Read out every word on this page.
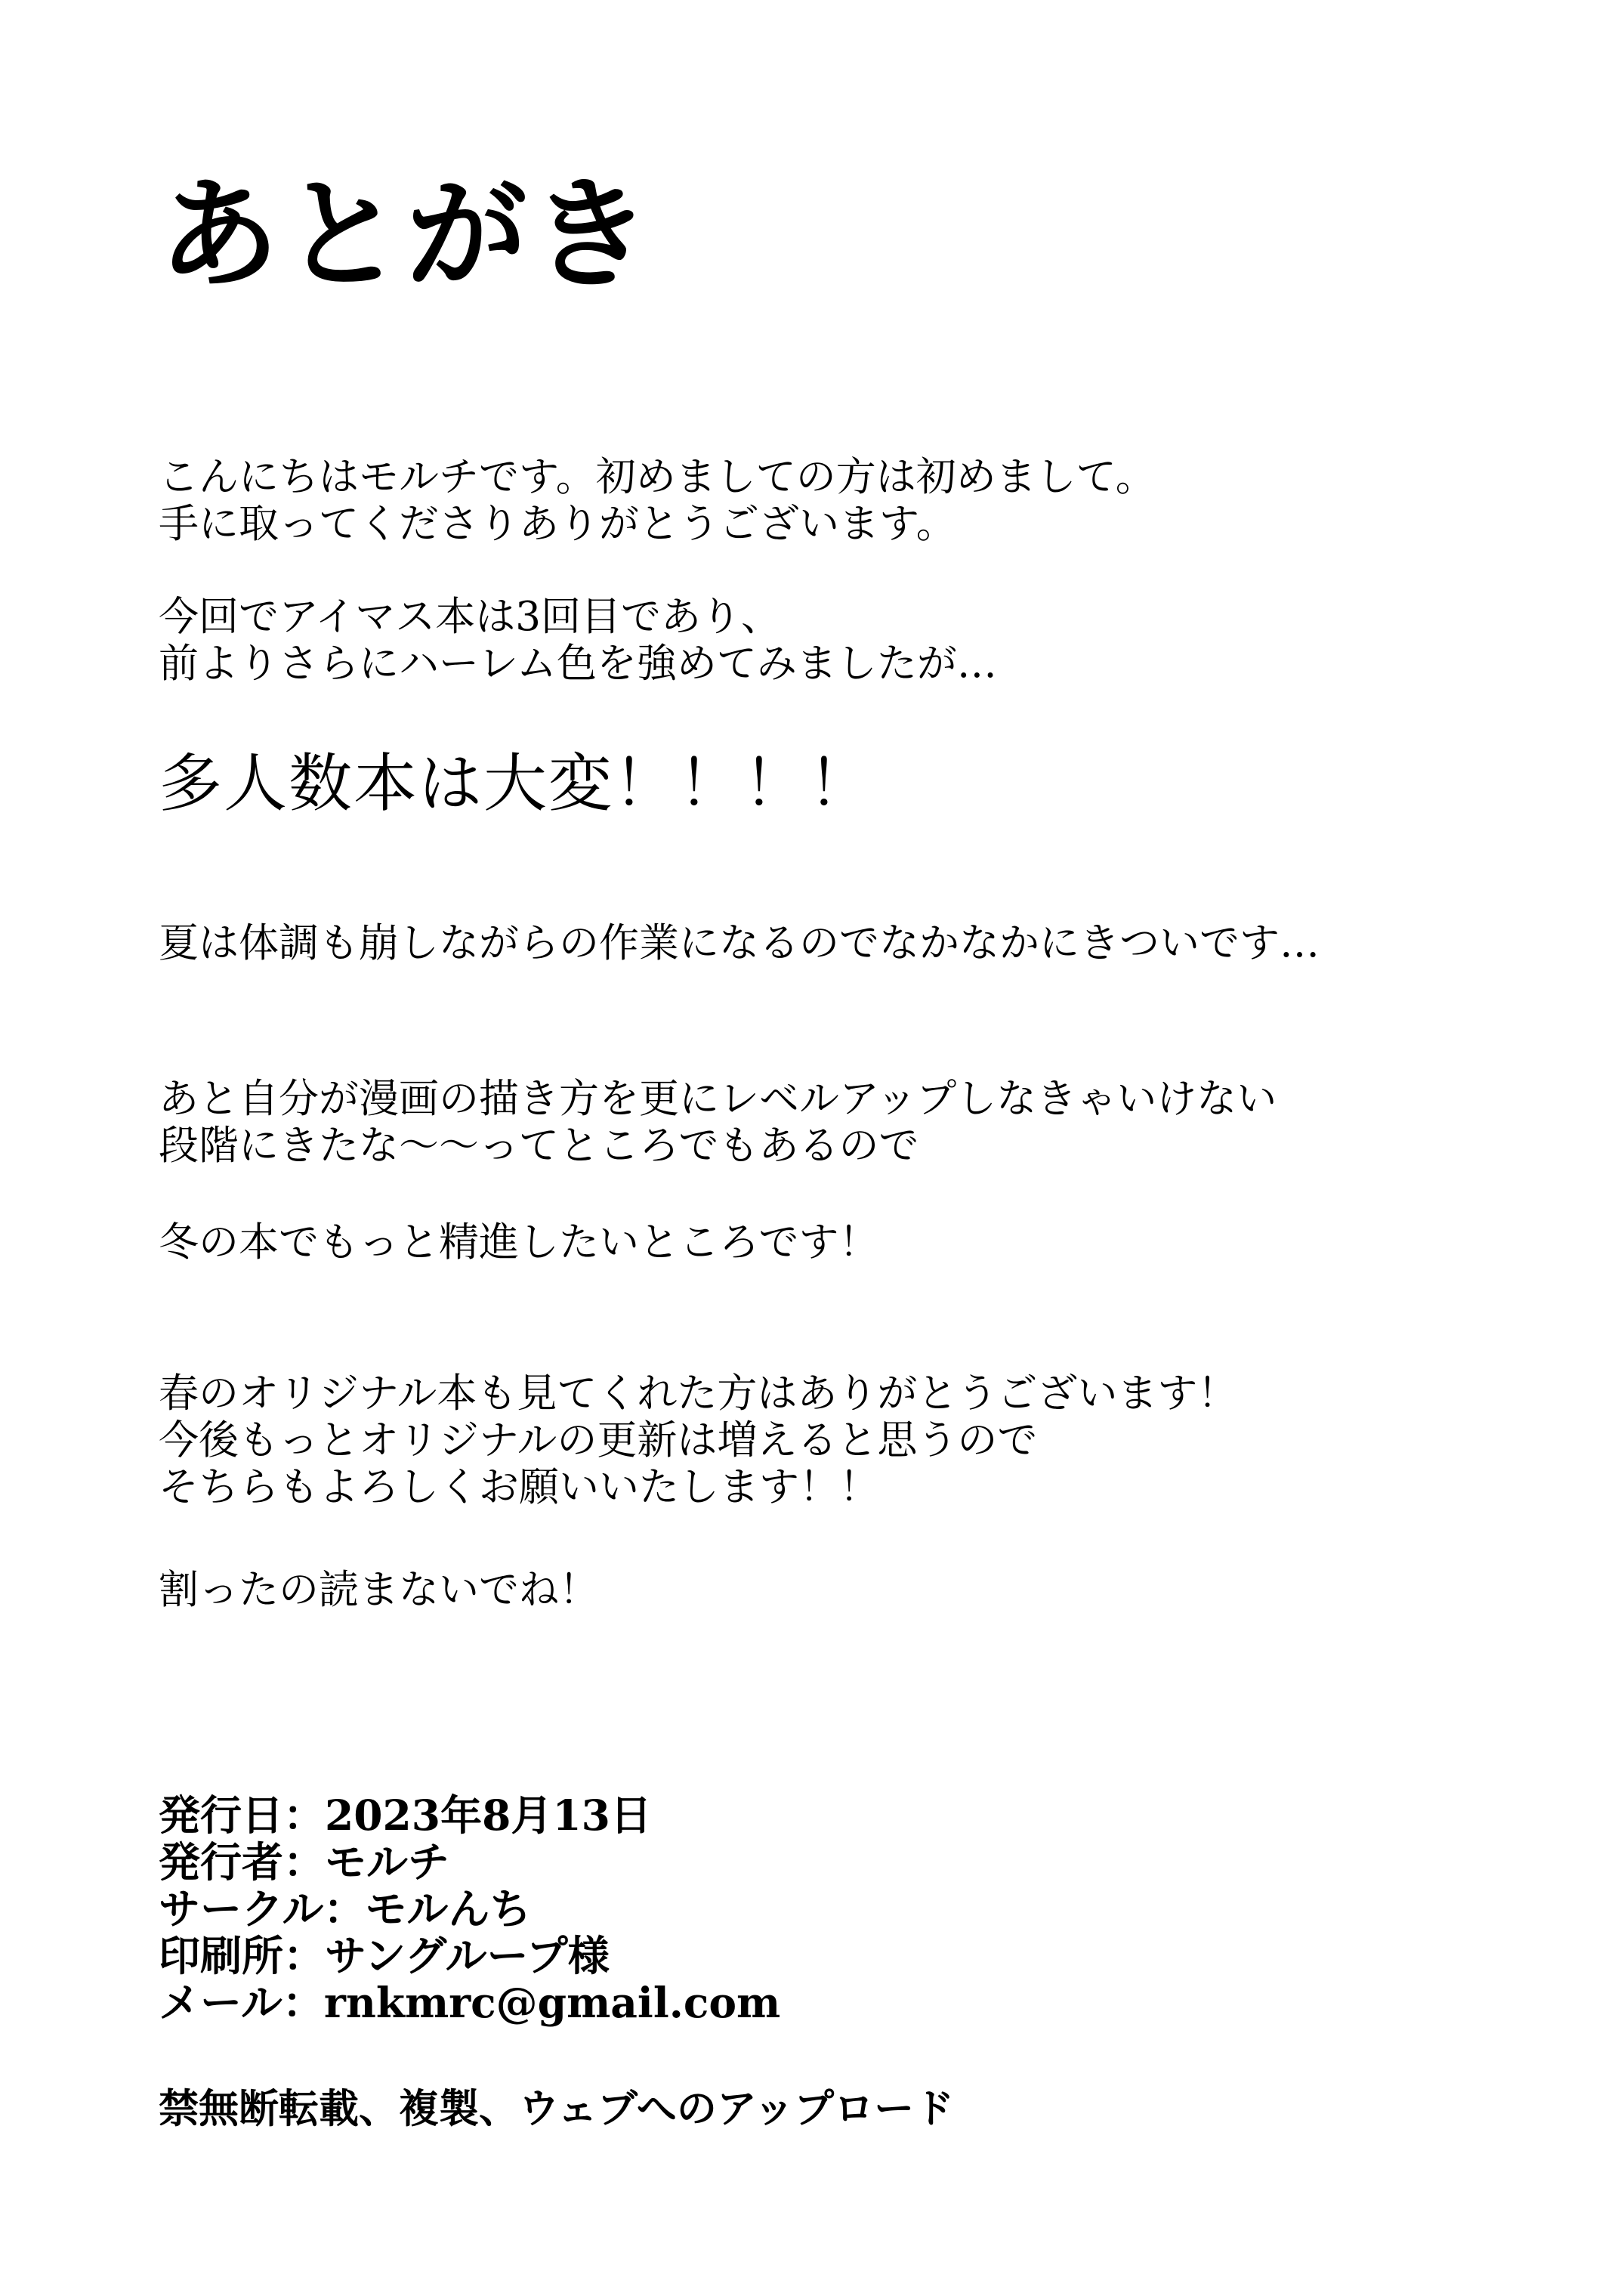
あとがき
こんにちはモルチです。初めましての方は初めまして。
手に取ってくださりありがとうございます。
今回でアイマス本は3回目であり、
前よりさらにハーレム色を強めてみましたが…
多人数本は大変！！！！
夏は体調も崩しながらの作業になるのでなかなかにきついです…
あと自分が漫画の描き方を更にレベルアップしなきゃいけない
段階にきたな〜〜ってところでもあるので
冬の本でもっと精進したいところです！
春のオリジナル本も見てくれた方はありがとうございます！
今後もっとオリジナルの更新は増えると思うので
そちらもよろしくお願いいたします！！
割ったの読まないでね！
発行日：2023年8月13日
発行者：モルチ
サークル：モルんち
印刷所：サングループ様
メール：rnkmrc@gmail.com
禁無断転載、複製、ウェブへのアップロード
